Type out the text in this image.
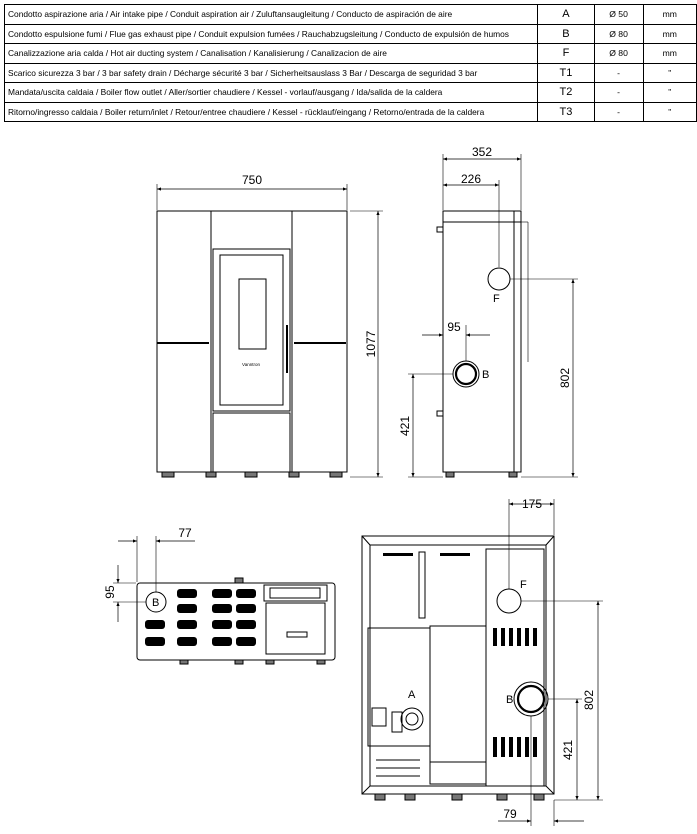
Condotto aspirazione aria / Air intake pipe / Conduit aspiration air / Zuluftansaugleitung / Conducto de aspiración de aire	A	Ø 50	mm
Condotto espulsione fumi / Flue gas exhaust pipe / Conduit expulsion fumées / Rauchabzugsleitung / Conducto de expulsión de humos	B	Ø 80	mm
Canalizzazione aria calda / Hot air ducting system / Canalisation / Kanalisierung / Canalizacion de aire	F	Ø 80	mm
Scarico sicurezza 3 bar / 3 bar safety drain / Décharge sécurité 3 bar / Sicherheitsauslass 3 Bar / Descarga de seguridad 3 bar	T1	-	"
Mandata/uscita caldaia / Boiler flow outlet / Aller/sortier chaudiere / Kessel - vorlauf/ausgang / Ida/salida de la caldera	T2	-	"
Ritorno/ingresso caldaia / Boiler return/inlet / Retour/entree chaudiere / Kessel - rücklauf/eingang / Retorno/entrada de la caldera	T3	-	"
750
1077
Vanntron
352
226
95
421
802
F
B
77
95
B
175
802
421
79
F
B
A
